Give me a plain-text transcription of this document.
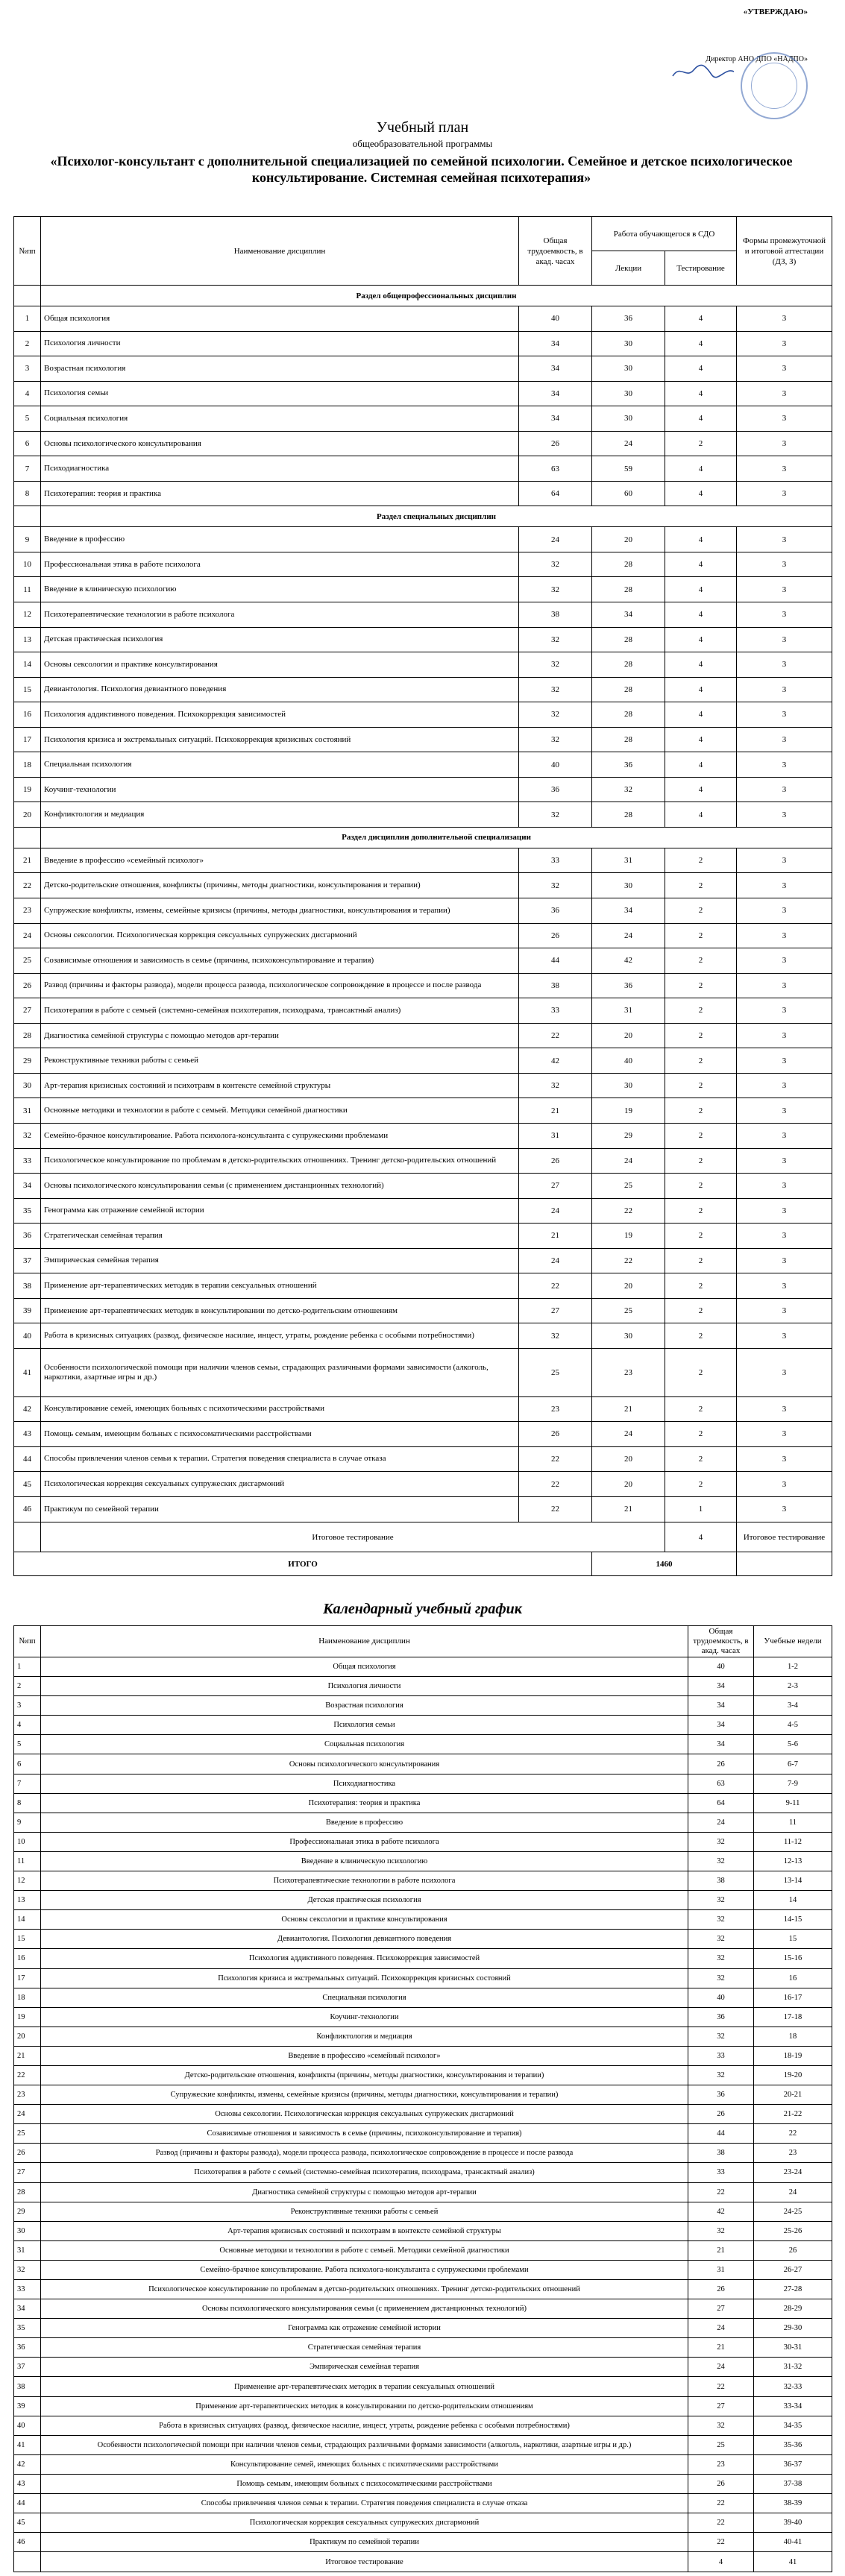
«УТВЕРЖДАЮ»
Директор АНО ДПО «НАДПО»
Учебный план
общеобразовательной программы
«Психолог-консультант с дополнительной специализацией по семейной психологии. Семейное и детское психологическое консультирование. Системная семейная психотерапия»
№пп	Наименование дисциплин	Общая трудоемкость, в акад. часах	Работа обучающегося в СДО		Формы промежуточной и итоговой аттестации (ДЗ, З)
			Лекции	Тестирование	
	Раздел общепрофессиональных дисциплин				
1	Общая психология	40	36	4	3
2	Психология личности	34	30	4	3
3	Возрастная психология	34	30	4	3
4	Психология семьи	34	30	4	3
5	Социальная психология	34	30	4	3
6	Основы психологического консультирования	26	24	2	3
7	Психодиагностика	63	59	4	3
8	Психотерапия: теория и практика	64	60	4	3
	Раздел специальных дисциплин				
9	Введение в профессию	24	20	4	3
10	Профессиональная этика в работе психолога	32	28	4	3
11	Введение в клиническую психологию	32	28	4	3
12	Психотерапевтические технологии в работе психолога	38	34	4	3
13	Детская практическая психология	32	28	4	3
14	Основы сексологии и практике консультирования	32	28	4	3
15	Девиантология. Психология девиантного поведения	32	28	4	3
16	Психология аддиктивного поведения. Психокоррекция зависимостей	32	28	4	3
17	Психология кризиса и экстремальных ситуаций. Психокоррекция кризисных состояний	32	28	4	3
18	Специальная психология	40	36	4	3
19	Коучинг-технологии	36	32	4	3
20	Конфликтология и медиация	32	28	4	3
	Раздел дисциплин дополнительной специализации				
21	Введение в профессию «семейный психолог»	33	31	2	3
22	Детско-родительские отношения, конфликты (причины, методы диагностики, консультирования и терапии)	32	30	2	3
23	Супружеские конфликты, измены, семейные кризисы (причины, методы диагностики, консультирования и терапии)	36	34	2	3
24	Основы сексологии. Психологическая коррекция сексуальных супружеских дисгармоний	26	24	2	3
25	Созависимые отношения и зависимость в семье (причины, психоконсультирование и терапия)	44	42	2	3
26	Развод (причины и факторы развода), модели процесса развода, психологическое сопровождение в процессе и после развода	38	36	2	3
27	Психотерапия в работе с семьей (системно-семейная психотерапия, психодрама, трансактный анализ)	33	31	2	3
28	Диагностика семейной структуры с помощью методов арт-терапии	22	20	2	3
29	Реконструктивные техники работы с семьей	42	40	2	3
30	Арт-терапия кризисных состояний и психотравм в контексте семейной структуры	32	30	2	3
31	Основные методики и технологии в работе с семьей. Методики семейной диагностики	21	19	2	3
32	Семейно-брачное консультирование. Работа психолога-консультанта с супружескими проблемами	31	29	2	3
33	Психологическое консультирование по проблемам в детско-родительских отношениях. Тренинг детско-родительских отношений	26	24	2	3
34	Основы психологического консультирования семьи (с применением дистанционных технологий)	27	25	2	3
35	Генограмма как отражение семейной истории	24	22	2	3
36	Стратегическая семейная терапия	21	19	2	3
37	Эмпирическая семейная терапия	24	22	2	3
38	Применение арт-терапевтических методик в терапии сексуальных отношений	22	20	2	3
39	Применение арт-терапевтических методик в консультировании по детско-родительским отношениям	27	25	2	3
40	Работа в кризисных ситуациях (развод, физическое насилие, инцест, утраты, рождение ребенка с особыми потребностями)	32	30	2	3
41	Особенности психологической помощи при наличии членов семьи, страдающих различными формами зависимости (алкоголь, наркотики, азартные игры и др.)	25	23	2	3
42	Консультирование семей, имеющих больных с психотическими расстройствами	23	21	2	3
43	Помощь семьям, имеющим больных с психосоматическими расстройствами	26	24	2	3
44	Способы привлечения членов семьи к терапии. Стратегия поведения специалиста в случае отказа	22	20	2	3
45	Психологическая коррекция сексуальных супружеских дисгармоний	22	20	2	3
46	Практикум по семейной терапии	22	21	1	3
	Итоговое тестирование			4	Итоговое тестирование
ИТОГО			1460		
Календарный учебный график
№пп	Наименование дисциплин	Общая трудоемкость, в акад. часах	Учебные недели
1	Общая психология	40	1-2
2	Психология личности	34	2-3
3	Возрастная психология	34	3-4
4	Психология семьи	34	4-5
5	Социальная психология	34	5-6
6	Основы психологического консультирования	26	6-7
7	Психодиагностика	63	7-9
8	Психотерапия: теория и практика	64	9-11
9	Введение в профессию	24	11
10	Профессиональная этика в работе психолога	32	11-12
11	Введение в клиническую психологию	32	12-13
12	Психотерапевтические технологии в работе психолога	38	13-14
13	Детская практическая психология	32	14
14	Основы сексологии и практике консультирования	32	14-15
15	Девиантология. Психология девиантного поведения	32	15
16	Психология аддиктивного поведения. Психокоррекция зависимостей	32	15-16
17	Психология кризиса и экстремальных ситуаций. Психокоррекция кризисных состояний	32	16
18	Специальная психология	40	16-17
19	Коучинг-технологии	36	17-18
20	Конфликтология и медиация	32	18
21	Введение в профессию «семейный психолог»	33	18-19
22	Детско-родительские отношения, конфликты (причины, методы диагностики, консультирования и терапии)	32	19-20
23	Супружеские конфликты, измены, семейные кризисы (причины, методы диагностики, консультирования и терапии)	36	20-21
24	Основы сексологии. Психологическая коррекция сексуальных супружеских дисгармоний	26	21-22
25	Созависимые отношения и зависимость в семье (причины, психоконсультирование и терапия)	44	22
26	Развод (причины и факторы развода), модели процесса развода, психологическое сопровождение в процессе и после развода	38	23
27	Психотерапия в работе с семьей (системно-семейная психотерапия, психодрама, трансактный анализ)	33	23-24
28	Диагностика семейной структуры с помощью методов арт-терапии	22	24
29	Реконструктивные техники работы с семьей	42	24-25
30	Арт-терапия кризисных состояний и психотравм в контексте семейной структуры	32	25-26
31	Основные методики и технологии в работе с семьей. Методики семейной диагностики	21	26
32	Семейно-брачное консультирование. Работа психолога-консультанта с супружескими проблемами	31	26-27
33	Психологическое консультирование по проблемам в детско-родительских отношениях. Тренинг детско-родительских отношений	26	27-28
34	Основы психологического консультирования семьи (с применением дистанционных технологий)	27	28-29
35	Генограмма как отражение семейной истории	24	29-30
36	Стратегическая семейная терапия	21	30-31
37	Эмпирическая семейная терапия	24	31-32
38	Применение арт-терапевтических методик в терапии сексуальных отношений	22	32-33
39	Применение арт-терапевтических методик в консультировании по детско-родительским отношениям	27	33-34
40	Работа в кризисных ситуациях (развод, физическое насилие, инцест, утраты, рождение ребенка с особыми потребностями)	32	34-35
41	Особенности психологической помощи при наличии членов семьи, страдающих различными формами зависимости (алкоголь, наркотики, азартные игры и др.)	25	35-36
42	Консультирование семей, имеющих больных с психотическими расстройствами	23	36-37
43	Помощь семьям, имеющим больных с психосоматическими расстройствами	26	37-38
44	Способы привлечения членов семьи к терапии. Стратегия поведения специалиста в случае отказа	22	38-39
45	Психологическая коррекция сексуальных супружеских дисгармоний	22	39-40
46	Практикум по семейной терапии	22	40-41
	Итоговое тестирование	4	41
